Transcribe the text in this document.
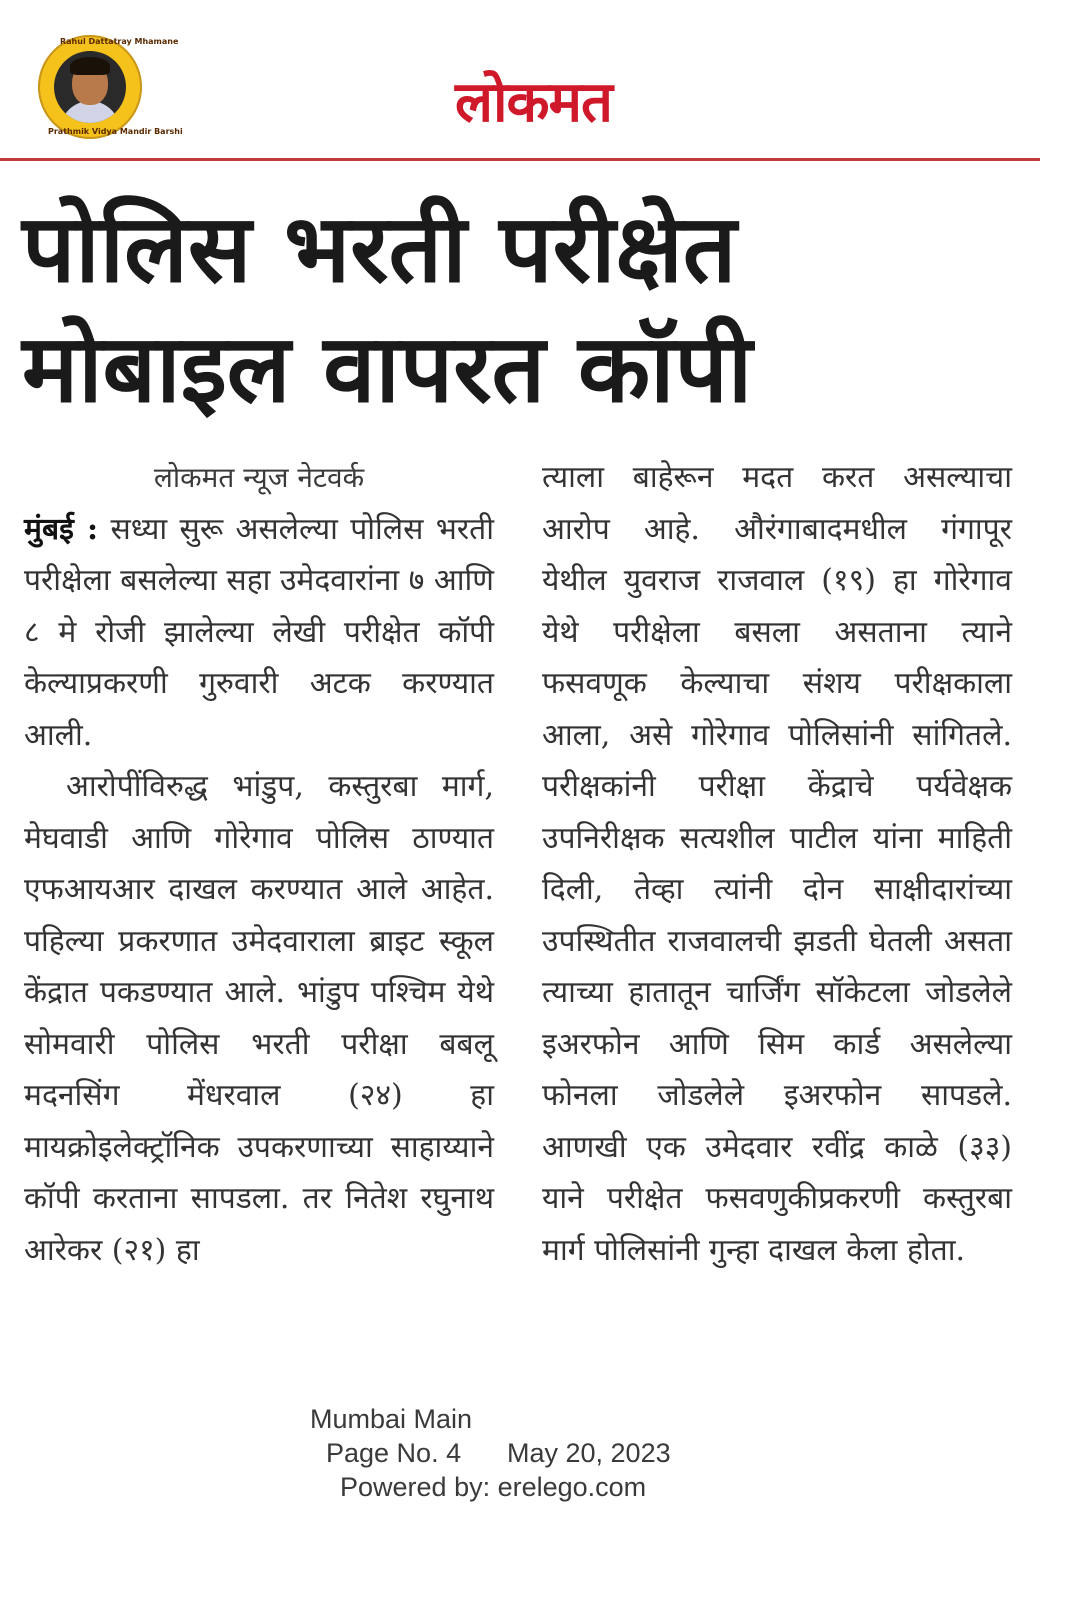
Rahul Dattatray Mhamane
Prathmik Vidya Mandir Barshi	लोकमत
पोलिस भरती परीक्षेत
मोबाइल वापरत कॉपी

लोकमत न्यूज नेटवर्क

मुंबई : सध्या सुरू असलेल्या पोलिस भरती परीक्षेला बसलेल्या सहा उमेदवारांना ७ आणि ८ मे रोजी झालेल्या लेखी परीक्षेत कॉपी केल्याप्रकरणी गुरुवारी अटक करण्यात आली.

आरोपींविरुद्ध भांडुप, कस्तुरबा मार्ग, मेघवाडी आणि गोरेगाव पोलिस ठाण्यात एफआयआर दाखल करण्यात आले आहेत. पहिल्या प्रकरणात उमेदवाराला ब्राइट स्कूल केंद्रात पकडण्यात आले. भांडुप पश्चिम येथे सोमवारी पोलिस भरती परीक्षा बबलू मदनसिंग मेंधरवाल (२४) हा मायक्रोइलेक्ट्रॉनिक उपकरणाच्या साहाय्याने कॉपी करताना सापडला. तर नितेश रघुनाथ आरेकर (२१) हा

त्याला बाहेरून मदत करत असल्याचा आरोप आहे. औरंगाबादमधील गंगापूर येथील युवराज राजवाल (१९) हा गोरेगाव येथे परीक्षेला बसला असताना त्याने फसवणूक केल्याचा संशय परीक्षकाला आला, असे गोरेगाव पोलिसांनी सांगितले. परीक्षकांनी परीक्षा केंद्राचे पर्यवेक्षक उपनिरीक्षक सत्यशील पाटील यांना माहिती दिली, तेव्हा त्यांनी दोन साक्षीदारांच्या उपस्थितीत राजवालची झडती घेतली असता त्याच्या हातातून चार्जिंग सॉकेटला जोडलेले इअरफोन आणि सिम कार्ड असलेल्या फोनला जोडलेले इअरफोन सापडले. आणखी एक उमेदवार रवींद्र काळे (३३) याने परीक्षेत फसवणुकीप्रकरणी कस्तुरबा मार्ग पोलिसांनी गुन्हा दाखल केला होता.

Mumbai Main
Page No. 4 May 20, 2023
Powered by: erelego.com
